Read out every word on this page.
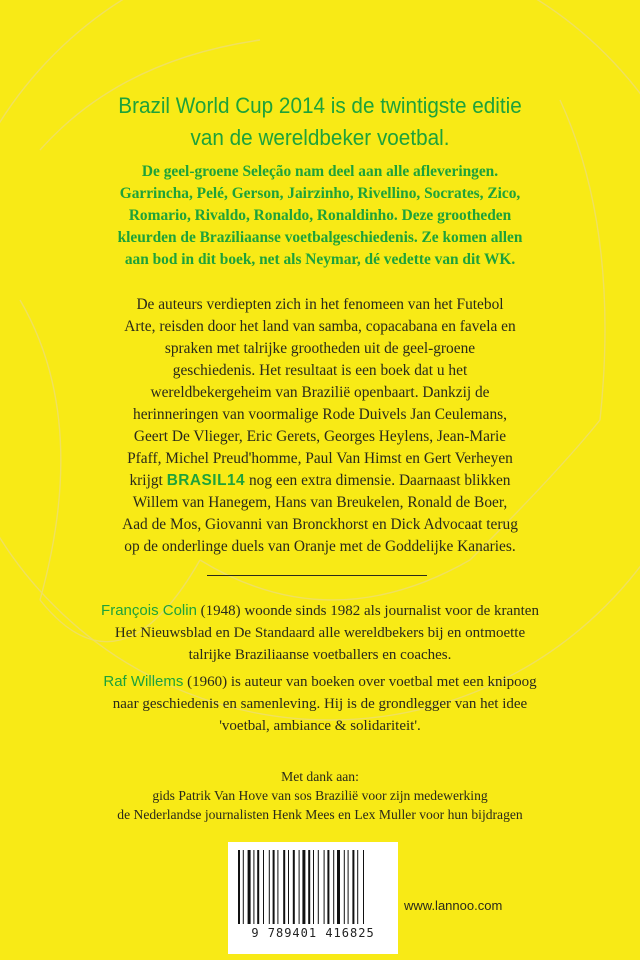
Brazil World Cup 2014 is de twintigste editie
van de wereldbeker voetbal.
De geel-groene Seleção nam deel aan alle afleveringen.
Garrincha, Pelé, Gerson, Jairzinho, Rivellino, Socrates, Zico,
Romario, Rivaldo, Ronaldo, Ronaldinho. Deze grootheden
kleurden de Braziliaanse voetbalgeschiedenis. Ze komen allen
aan bod in dit boek, net als Neymar, dé vedette van dit WK.
De auteurs verdiepten zich in het fenomeen van het Futebol
Arte, reisden door het land van samba, copacabana en favela en
spraken met talrijke grootheden uit de geel-groene
geschiedenis. Het resultaat is een boek dat u het
wereldbekergeheim van Brazilië openbaart. Dankzij de
herinneringen van voormalige Rode Duivels Jan Ceulemans,
Geert De Vlieger, Eric Gerets, Georges Heylens, Jean-Marie
Pfaff, Michel Preud'homme, Paul Van Himst en Gert Verheyen
krijgt BRASIL14 nog een extra dimensie. Daarnaast blikken
Willem van Hanegem, Hans van Breukelen, Ronald de Boer,
Aad de Mos, Giovanni van Bronckhorst en Dick Advocaat terug
op de onderlinge duels van Oranje met de Goddelijke Kanaries.
François Colin (1948) woonde sinds 1982 als journalist voor de kranten
Het Nieuwsblad en De Standaard alle wereldbekers bij en ontmoette
talrijke Braziliaanse voetballers en coaches.
Raf Willems (1960) is auteur van boeken over voetbal met een knipoog
naar geschiedenis en samenleving. Hij is de grondlegger van het idee
'voetbal, ambiance & solidariteit'.
Met dank aan:
gids Patrik Van Hove van sos Brazilië voor zijn medewerking
de Nederlandse journalisten Henk Mees en Lex Muller voor hun bijdragen
9 789401 416825
www.lannoo.com
